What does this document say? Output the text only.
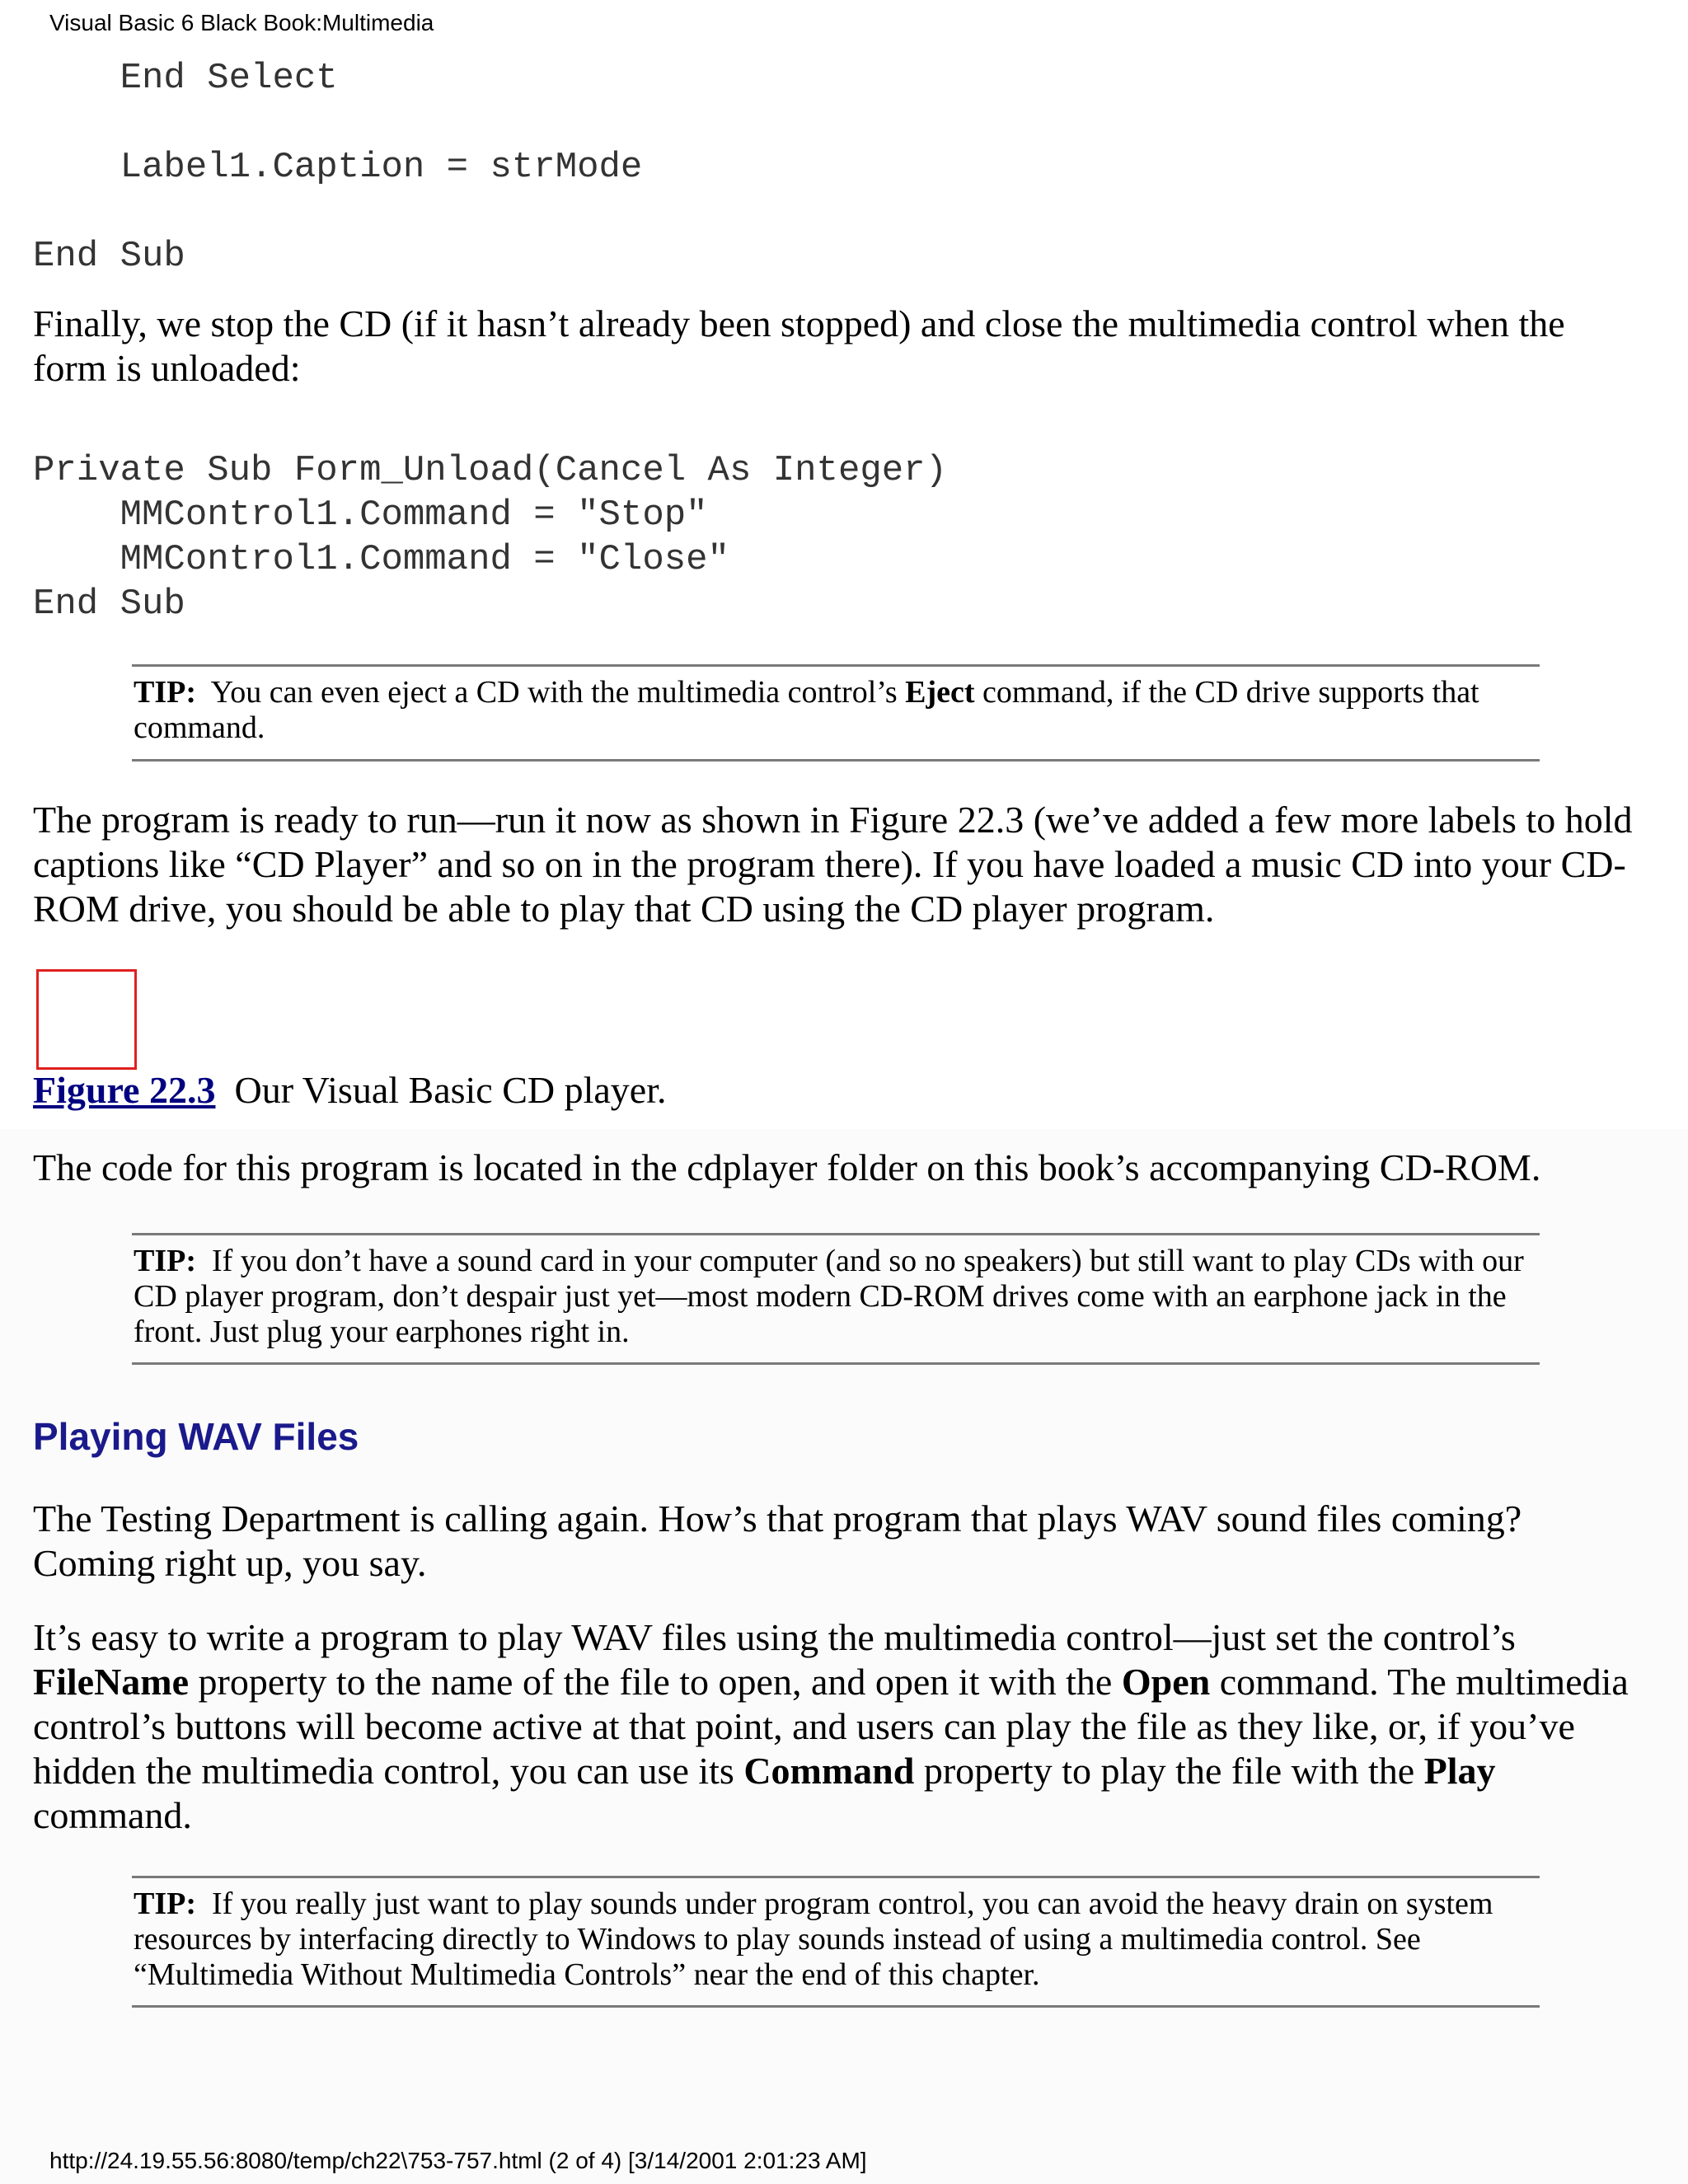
Visual Basic 6 Black Book:Multimedia
End Select

Label1.Caption = strMode

End Sub

Finally, we stop the CD (if it hasn’t already been stopped) and close the multimedia control when the form is unloaded:

Private Sub Form_Unload(Cancel As Integer)
MMControl1.Command = "Stop"
MMControl1.Command = "Close"
End Sub
TIP: You can even eject a CD with the multimedia control’s Eject command, if the CD drive supports that command.

The program is ready to run—run it now as shown in Figure 22.3 (we’ve added a few more labels to hold captions like “CD Player” and so on in the program there). If you have loaded a music CD into your CD-ROM drive, you should be able to play that CD using the CD player program.

Figure 22.3 Our Visual Basic CD player.

The code for this program is located in the cdplayer folder on this book’s accompanying CD-ROM.

TIP: If you don’t have a sound card in your computer (and so no speakers) but still want to play CDs with our CD player program, don’t despair just yet—most modern CD-ROM drives come with an earphone jack in the front. Just plug your earphones right in.
Playing WAV Files

The Testing Department is calling again. How’s that program that plays WAV sound files coming? Coming right up, you say.

It’s easy to write a program to play WAV files using the multimedia control—just set the control’s FileName property to the name of the file to open, and open it with the Open command. The multimedia control’s buttons will become active at that point, and users can play the file as they like, or, if you’ve hidden the multimedia control, you can use its Command property to play the file with the Play command.

TIP: If you really just want to play sounds under program control, you can avoid the heavy drain on system resources by interfacing directly to Windows to play sounds instead of using a multimedia control. See “Multimedia Without Multimedia Controls” near the end of this chapter.
http://24.19.55.56:8080/temp/ch22\753-757.html (2 of 4) [3/14/2001 2:01:23 AM]
